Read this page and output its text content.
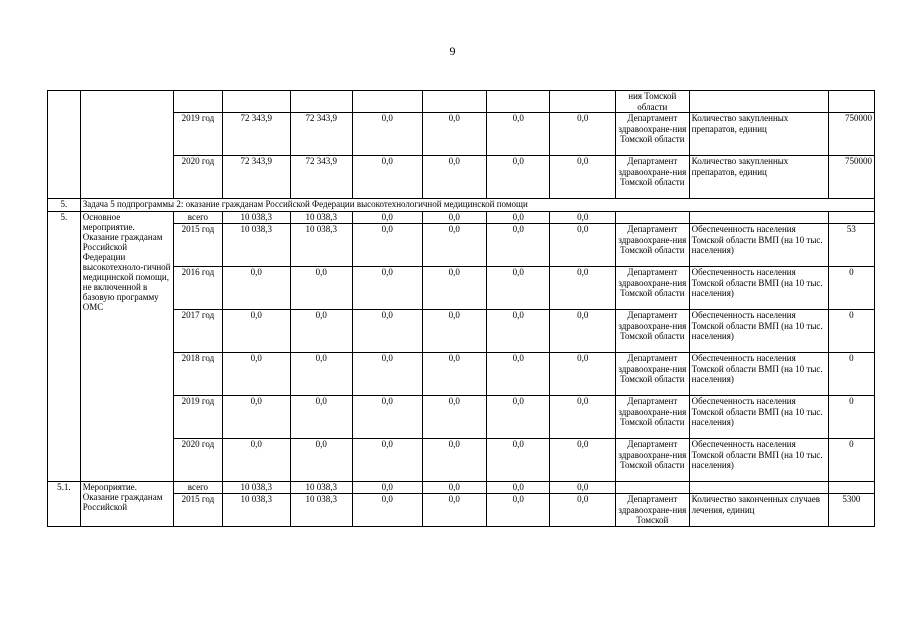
9
									ния Томской области		
		2019 год	72 343,9	72 343,9	0,0	0,0	0,0	0,0	Департамент здравоохране-ния Томской области	Количество закупленных препаратов, единиц	750000
		2020 год	72 343,9	72 343,9	0,0	0,0	0,0	0,0	Департамент здравоохране-ния Томской области	Количество закупленных препаратов, единиц	750000
5.	Задача 5 подпрограммы 2: оказание гражданам Российской Федерации высокотехнологичной медицинской помощи										
5.	Основное мероприятие. Оказание гражданам Российской Федерации высокотехноло-гичной медицинской помощи, не включенной в базовую программу ОМС	всего	10 038,3	10 038,3	0,0	0,0	0,0	0,0			
		2015 год	10 038,3	10 038,3	0,0	0,0	0,0	0,0	Департамент здравоохране-ния Томской области	Обеспеченность населения Томской области ВМП (на 10 тыс. населения)	53
		2016 год	0,0	0,0	0,0	0,0	0,0	0,0	Департамент здравоохране-ния Томской области	Обеспеченность населения Томской области ВМП (на 10 тыс. населения)	0
		2017 год	0,0	0,0	0,0	0,0	0,0	0,0	Департамент здравоохране-ния Томской области	Обеспеченность населения Томской области ВМП (на 10 тыс. населения)	0
		2018 год	0,0	0,0	0,0	0,0	0,0	0,0	Департамент здравоохране-ния Томской области	Обеспеченность населения Томской области ВМП (на 10 тыс. населения)	0
		2019 год	0,0	0,0	0,0	0,0	0,0	0,0	Департамент здравоохране-ния Томской области	Обеспеченность населения Томской области ВМП (на 10 тыс. населения)	0
		2020 год	0,0	0,0	0,0	0,0	0,0	0,0	Департамент здравоохране-ния Томской области	Обеспеченность населения Томской области ВМП (на 10 тыс. населения)	0
5.1.	Мероприятие. Оказание гражданам Российской	всего	10 038,3	10 038,3	0,0	0,0	0,0	0,0			
		2015 год	10 038,3	10 038,3	0,0	0,0	0,0	0,0	Департамент здравоохране-ния Томской	Количество законченных случаев лечения, единиц	5300
